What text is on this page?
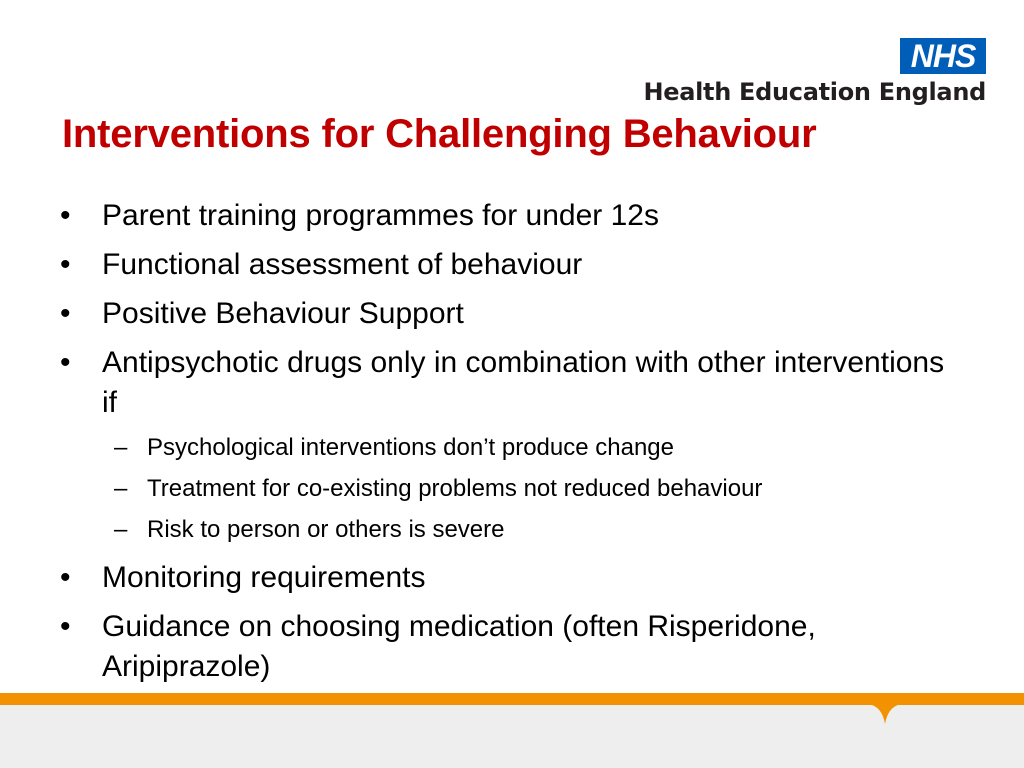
NHS
Health Education England
Interventions for Challenging Behaviour
• Parent training programmes for under 12s
• Functional assessment of behaviour
• Positive Behaviour Support
• Antipsychotic drugs only in combination with other interventions if
– Psychological interventions don’t produce change
– Treatment for co-existing problems not reduced behaviour
– Risk to person or others is severe
• Monitoring requirements
• Guidance on choosing medication (often Risperidone, Aripiprazole)
